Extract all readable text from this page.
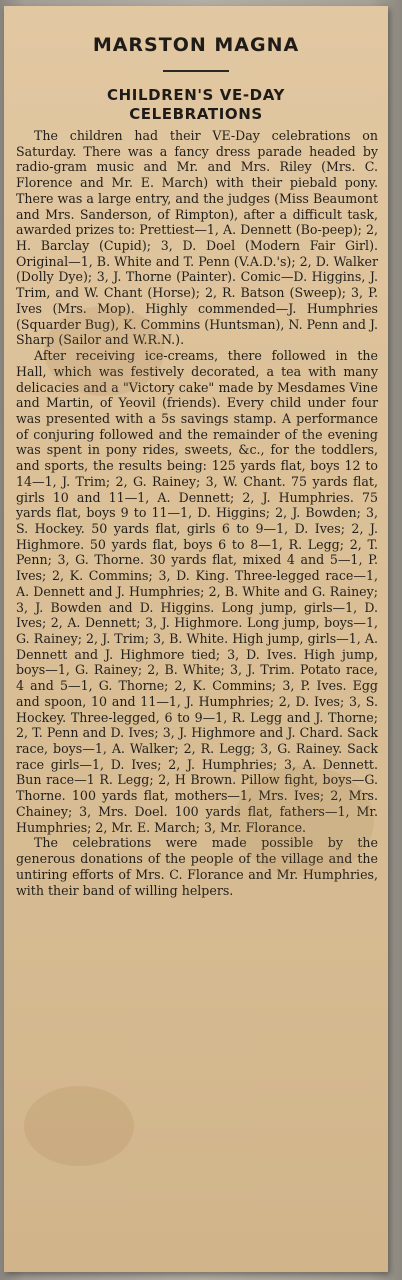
MARSTON MAGNA
CHILDREN'S VE-DAY
CELEBRATIONS

The children had their VE-Day celebrations on Saturday. There was a fancy dress parade headed by radio-gram music and Mr. and Mrs. Riley (Mrs. C. Florence and Mr. E. March) with their piebald pony. There was a large entry, and the judges (Miss Beaumont and Mrs. Sanderson, of Rimpton), after a difficult task, awarded prizes to: Prettiest—1, A. Dennett (Bo-peep); 2, H. Barclay (Cupid); 3, D. Doel (Modern Fair Girl). Original—1, B. White and T. Penn (V.A.D.'s); 2, D. Walker (Dolly Dye); 3, J. Thorne (Painter). Comic—D. Higgins, J. Trim, and W. Chant (Horse); 2, R. Batson (Sweep); 3, P. Ives (Mrs. Mop). Highly commended—J. Humphries (Squarder Bug), K. Commins (Huntsman), N. Penn and J. Sharp (Sailor and W.R.N.).

After receiving ice-creams, there followed in the Hall, which was festively decorated, a tea with many delicacies and a "Victory cake" made by Mesdames Vine and Martin, of Yeovil (friends). Every child under four was presented with a 5s savings stamp. A performance of conjuring followed and the remainder of the evening was spent in pony rides, sweets, &c., for the toddlers, and sports, the results being: 125 yards flat, boys 12 to 14—1, J. Trim; 2, G. Rainey; 3, W. Chant. 75 yards flat, girls 10 and 11—1, A. Dennett; 2, J. Humphries. 75 yards flat, boys 9 to 11—1, D. Higgins; 2, J. Bowden; 3, S. Hockey. 50 yards flat, girls 6 to 9—1, D. Ives; 2, J. Highmore. 50 yards flat, boys 6 to 8—1, R. Legg; 2, T. Penn; 3, G. Thorne. 30 yards flat, mixed 4 and 5—1, P. Ives; 2, K. Commins; 3, D. King. Three-legged race—1, A. Dennett and J. Humphries; 2, B. White and G. Rainey; 3, J. Bowden and D. Higgins. Long jump, girls—1, D. Ives; 2, A. Dennett; 3, J. Highmore. Long jump, boys—1, G. Rainey; 2, J. Trim; 3, B. White. High jump, girls—1, A. Dennett and J. Highmore tied; 3, D. Ives. High jump, boys—1, G. Rainey; 2, B. White; 3, J. Trim. Potato race, 4 and 5—1, G. Thorne; 2, K. Commins; 3, P. Ives. Egg and spoon, 10 and 11—1, J. Humphries; 2, D. Ives; 3, S. Hockey. Three-legged, 6 to 9—1, R. Legg and J. Thorne; 2, T. Penn and D. Ives; 3, J. Highmore and J. Chard. Sack race, boys—1, A. Walker; 2, R. Legg; 3, G. Rainey. Sack race girls—1, D. Ives; 2, J. Humphries; 3, A. Dennett. Bun race—1 R. Legg; 2, H Brown. Pillow fight, boys—G. Thorne. 100 yards flat, mothers—1, Mrs. Ives; 2, Mrs. Chainey; 3, Mrs. Doel. 100 yards flat, fathers—1, Mr. Humphries; 2, Mr. E. March; 3, Mr. Florance.

The celebrations were made possible by the generous donations of the people of the village and the untiring efforts of Mrs. C. Florance and Mr. Humphries, with their band of willing helpers.
